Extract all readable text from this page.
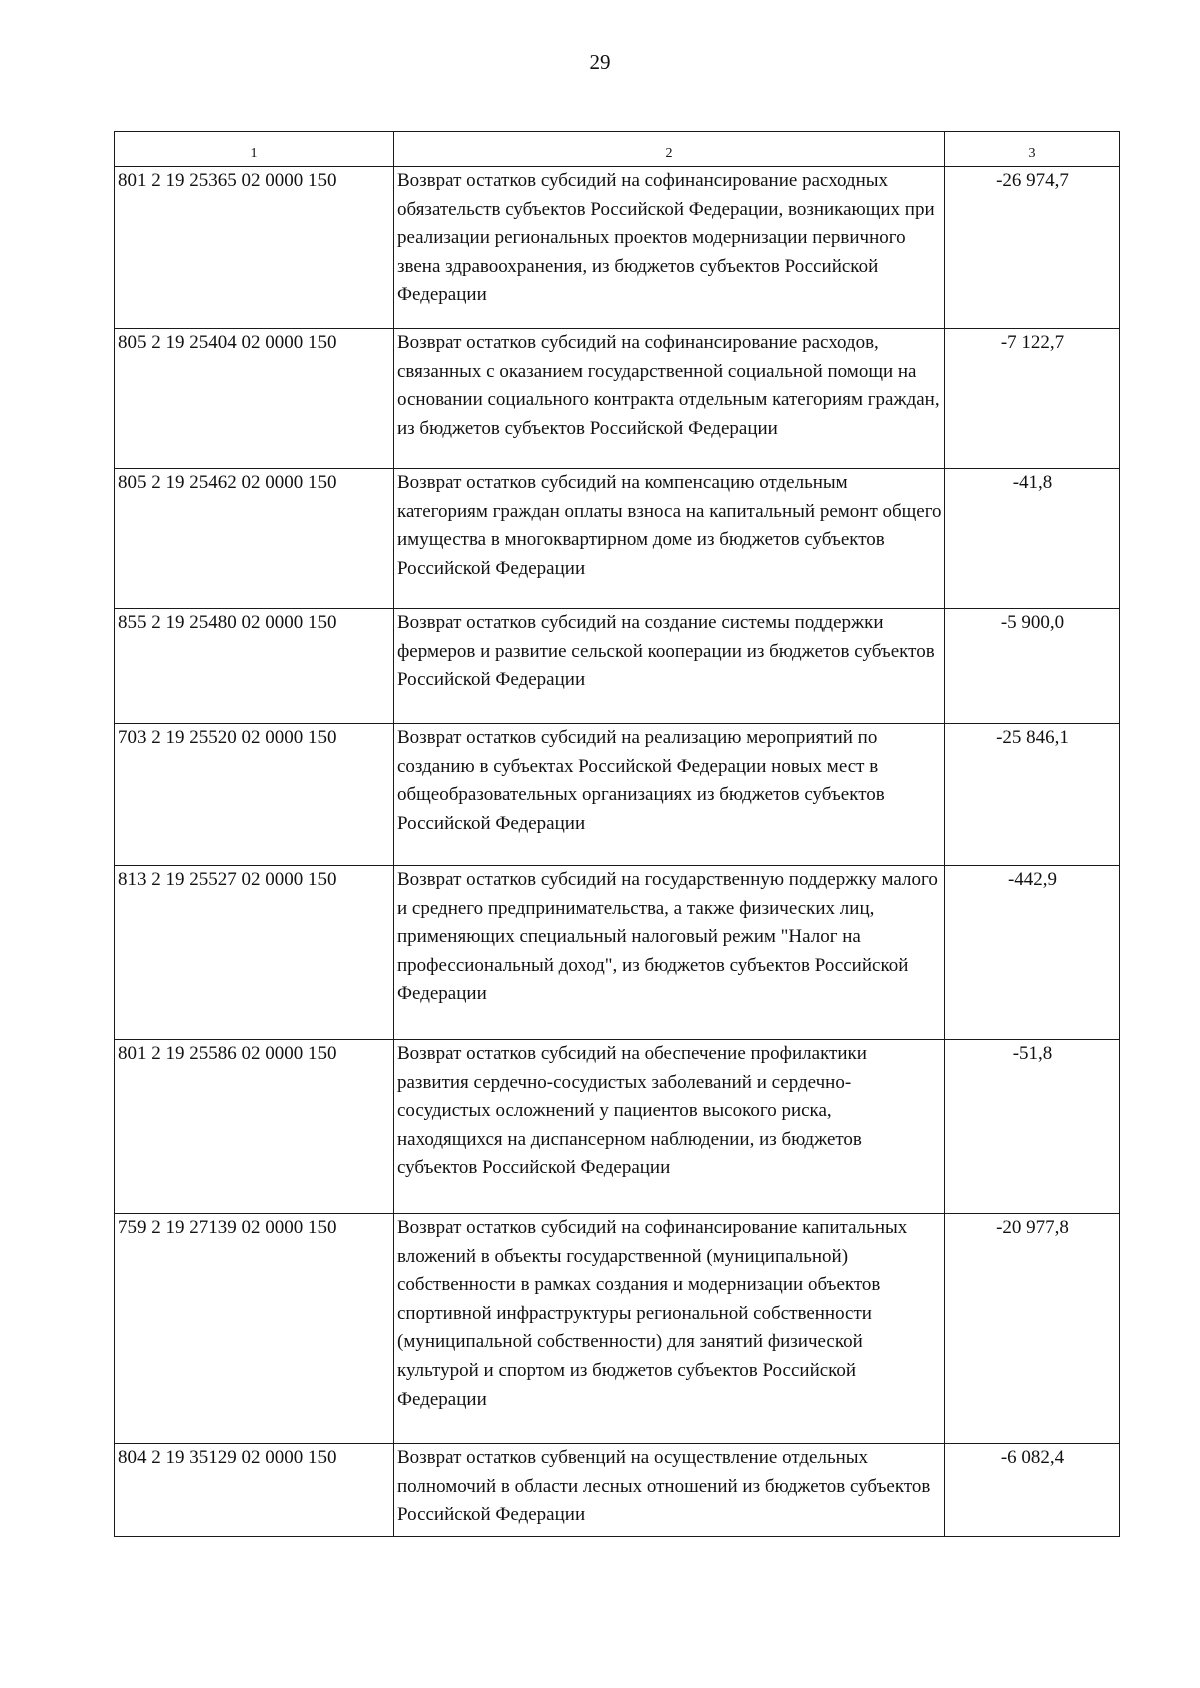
29
1	2	3
801 2 19 25365 02 0000 150	Возврат остатков субсидий на софинансирование расходных обязательств субъектов Российской Федерации, возникающих при реализации региональных проектов модернизации первичного звена здравоохранения, из бюджетов субъектов Российской Федерации	-26 974,7
805 2 19 25404 02 0000 150	Возврат остатков субсидий на софинансирование расходов, связанных с оказанием государственной социальной помощи на основании социального контракта отдельным категориям граждан, из бюджетов субъектов Российской Федерации	-7 122,7
805 2 19 25462 02 0000 150	Возврат остатков субсидий на компенсацию отдельным категориям граждан оплаты взноса на капитальный ремонт общего имущества в многоквартирном доме из бюджетов субъектов Российской Федерации	-41,8
855 2 19 25480 02 0000 150	Возврат остатков субсидий на создание системы поддержки фермеров и развитие сельской кооперации из бюджетов субъектов Российской Федерации	-5 900,0
703 2 19 25520 02 0000 150	Возврат остатков субсидий на реализацию мероприятий по созданию в субъектах Российской Федерации новых мест в общеобразовательных организациях из бюджетов субъектов Российской Федерации	-25 846,1
813 2 19 25527 02 0000 150	Возврат остатков субсидий на государственную поддержку малого и среднего предпринимательства, а также физических лиц, применяющих специальный налоговый режим "Налог на профессиональный доход", из бюджетов субъектов Российской Федерации	-442,9
801 2 19 25586 02 0000 150	Возврат остатков субсидий на обеспечение профилактики развития сердечно-сосудистых заболеваний и сердечно-сосудистых осложнений у пациентов высокого риска, находящихся на диспансерном наблюдении, из бюджетов субъектов Российской Федерации	-51,8
759 2 19 27139 02 0000 150	Возврат остатков субсидий на софинансирование капитальных вложений в объекты государственной (муниципальной) собственности в рамках создания и модернизации объектов спортивной инфраструктуры региональной собственности (муниципальной собственности) для занятий физической культурой и спортом из бюджетов субъектов Российской Федерации	-20 977,8
804 2 19 35129 02 0000 150	Возврат остатков субвенций на осуществление отдельных полномочий в области лесных отношений из бюджетов субъектов Российской Федерации	-6 082,4
